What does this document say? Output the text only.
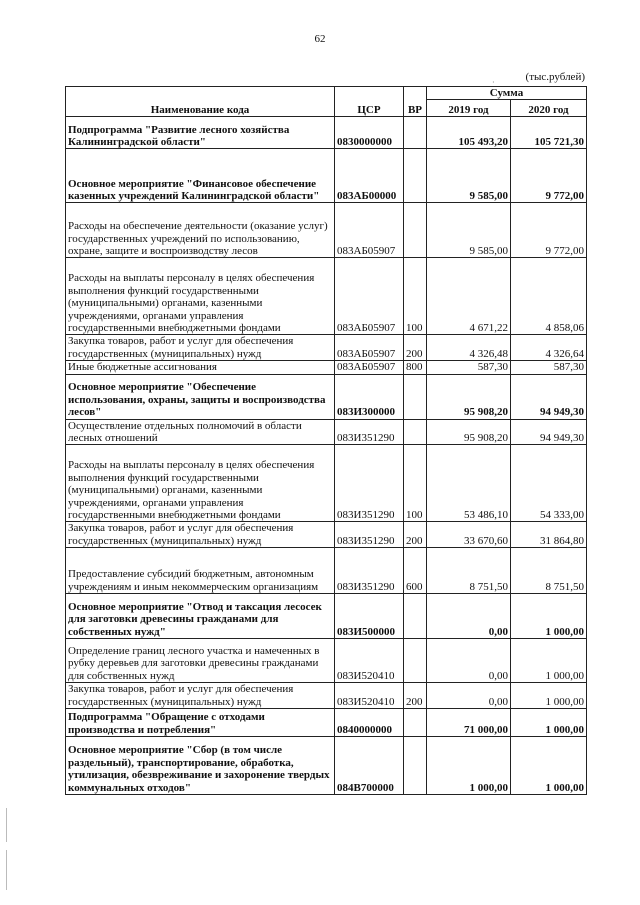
62
·	(тыс.рублей)
Наименование кода	ЦСР	ВР	Сумма	
			2019 год	2020 год
Подпрограмма "Развитие лесного хозяйства Калининградской области"	0830000000		105 493,20	105 721,30
Основное мероприятие "Финансовое обеспечение казенных учреждений Калининградской области"	083АБ00000		9 585,00	9 772,00
Расходы на обеспечение деятельности (оказание услуг) государственных учреждений по использованию, охране, защите и воспроизводству лесов	083АБ05907		9 585,00	9 772,00
Расходы на выплаты персоналу в целях обеспечения выполнения функций государственными (муниципальными) органами, казенными учреждениями, органами управления государственными внебюджетными фондами	083АБ05907	100	4 671,22	4 858,06
Закупка товаров, работ и услуг для обеспечения государственных (муниципальных) нужд	083АБ05907	200	4 326,48	4 326,64
Иные бюджетные ассигнования	083АБ05907	800	587,30	587,30
Основное мероприятие "Обеспечение использования, охраны, защиты и воспроизводства лесов"	083И300000		95 908,20	94 949,30
Осуществление отдельных полномочий в области лесных отношений	083И351290		95 908,20	94 949,30
Расходы на выплаты персоналу в целях обеспечения выполнения функций государственными (муниципальными) органами, казенными учреждениями, органами управления государственными внебюджетными фондами	083И351290	100	53 486,10	54 333,00
Закупка товаров, работ и услуг для обеспечения государственных (муниципальных) нужд	083И351290	200	33 670,60	31 864,80
Предоставление субсидий бюджетным, автономным учреждениям и иным некоммерческим организациям	083И351290	600	8 751,50	8 751,50
Основное мероприятие "Отвод и таксация лесосек для заготовки древесины гражданами для собственных нужд"	083И500000		0,00	1 000,00
Определение границ лесного участка и намеченных в рубку деревьев для заготовки древесины гражданами для собственных нужд	083И520410		0,00	1 000,00
Закупка товаров, работ и услуг для обеспечения государственных (муниципальных) нужд	083И520410	200	0,00	1 000,00
Подпрограмма "Обращение с отходами производства и потребления"	0840000000		71 000,00	1 000,00
Основное мероприятие "Сбор (в том числе раздельный), транспортирование, обработка, утилизация, обезвреживание и захоронение твердых коммунальных отходов"	084В700000		1 000,00	1 000,00
